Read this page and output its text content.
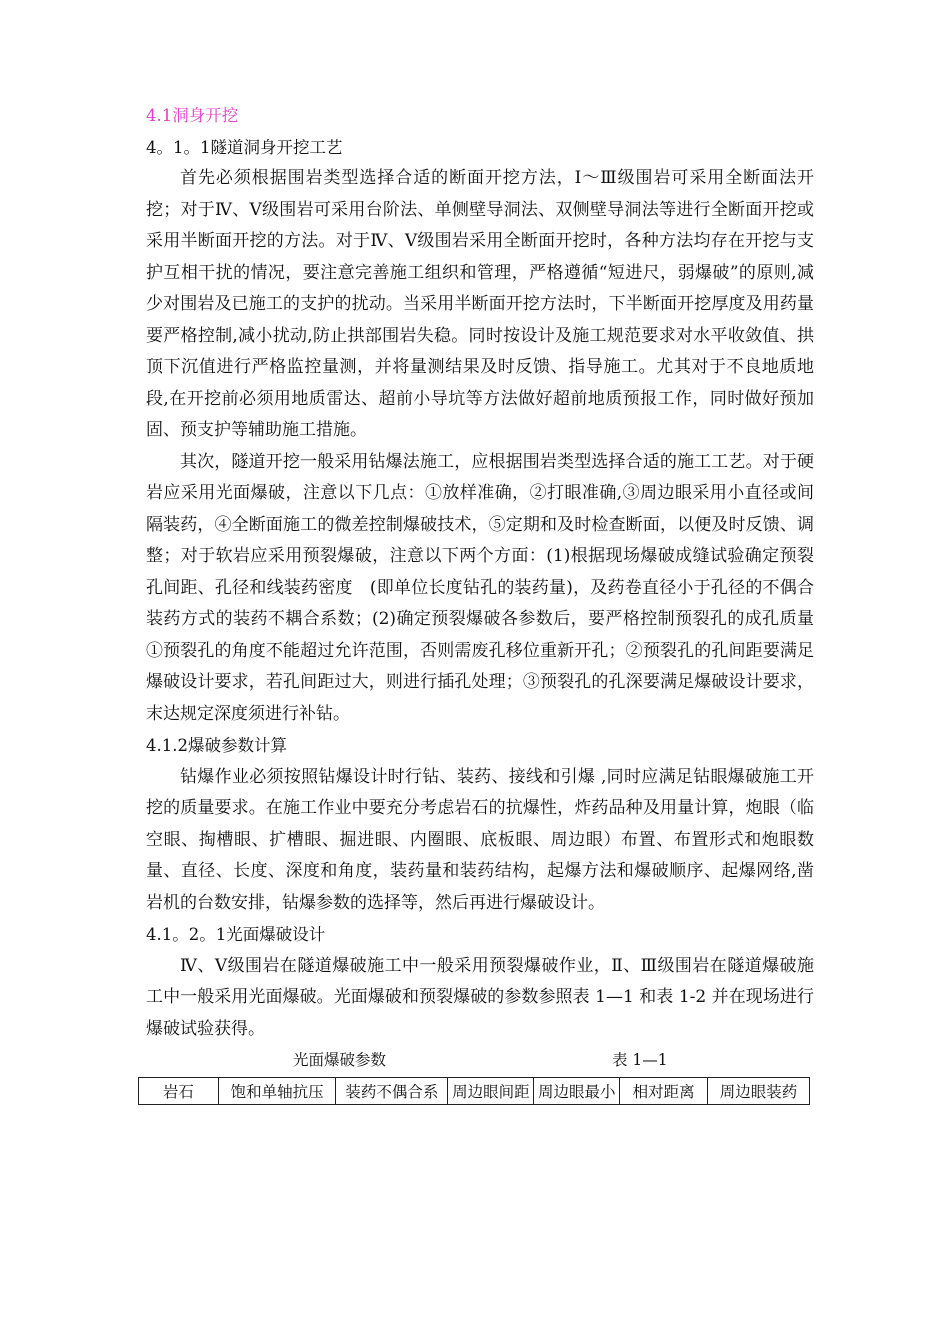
4.1洞身开挖

4。1。1隧道洞身开挖工艺

首先必须根据围岩类型选择合适的断面开挖方法，Ⅰ～Ⅲ级围岩可采用全断面法开挖；对于Ⅳ、Ⅴ级围岩可采用台阶法、单侧壁导洞法、双侧壁导洞法等进行全断面开挖或采用半断面开挖的方法。对于Ⅳ、Ⅴ级围岩采用全断面开挖时，各种方法均存在开挖与支护互相干扰的情况，要注意完善施工组织和管理，严格遵循“短进尺，弱爆破”的原则,减少对围岩及已施工的支护的扰动。当采用半断面开挖方法时，下半断面开挖厚度及用药量要严格控制,减小扰动,防止拱部围岩失稳。同时按设计及施工规范要求对水平收敛值、拱顶下沉值进行严格监控量测，并将量测结果及时反馈、指导施工。尤其对于不良地质地段,在开挖前必须用地质雷达、超前小导坑等方法做好超前地质预报工作，同时做好预加固、预支护等辅助施工措施。

其次，隧道开挖一般采用钻爆法施工，应根据围岩类型选择合适的施工工艺。对于硬岩应采用光面爆破，注意以下几点：①放样准确，②打眼准确,③周边眼采用小直径或间隔装药，④全断面施工的微差控制爆破技术，⑤定期和及时检查断面，以便及时反馈、调整；对于软岩应采用预裂爆破，注意以下两个方面：(1)根据现场爆破成缝试验确定预裂孔间距、孔径和线装药密度　(即单位长度钻孔的装药量)，及药卷直径小于孔径的不偶合装药方式的装药不耦合系数；(2)确定预裂爆破各参数后，要严格控制预裂孔的成孔质量①预裂孔的角度不能超过允许范围，否则需废孔移位重新开孔；②预裂孔的孔间距要满足爆破设计要求，若孔间距过大，则进行插孔处理；③预裂孔的孔深要满足爆破设计要求，末达规定深度须进行补钻。

4.1.2爆破参数计算

钻爆作业必须按照钻爆设计时行钻、装药、接线和引爆 ,同时应满足钻眼爆破施工开挖的质量要求。在施工作业中要充分考虑岩石的抗爆性，炸药品种及用量计算，炮眼（临空眼、掏槽眼、扩槽眼、掘进眼、内圈眼、底板眼、周边眼）布置、布置形式和炮眼数量、直径、长度、深度和角度，装药量和装药结构，起爆方法和爆破顺序、起爆网络,凿岩机的台数安排，钻爆参数的选择等，然后再进行爆破设计。

4.1。2。1光面爆破设计

Ⅳ、Ⅴ级围岩在隧道爆破施工中一般采用预裂爆破作业，Ⅱ、Ⅲ级围岩在隧道爆破施工中一般采用光面爆破。光面爆破和预裂爆破的参数参照表 1—1 和表 1-2 并在现场进行爆破试验获得。

光面爆破参数	表 1—1
岩石	饱和单轴抗压	装药不偶合系	周边眼间距	周边眼最小	相对距离	周边眼装药
